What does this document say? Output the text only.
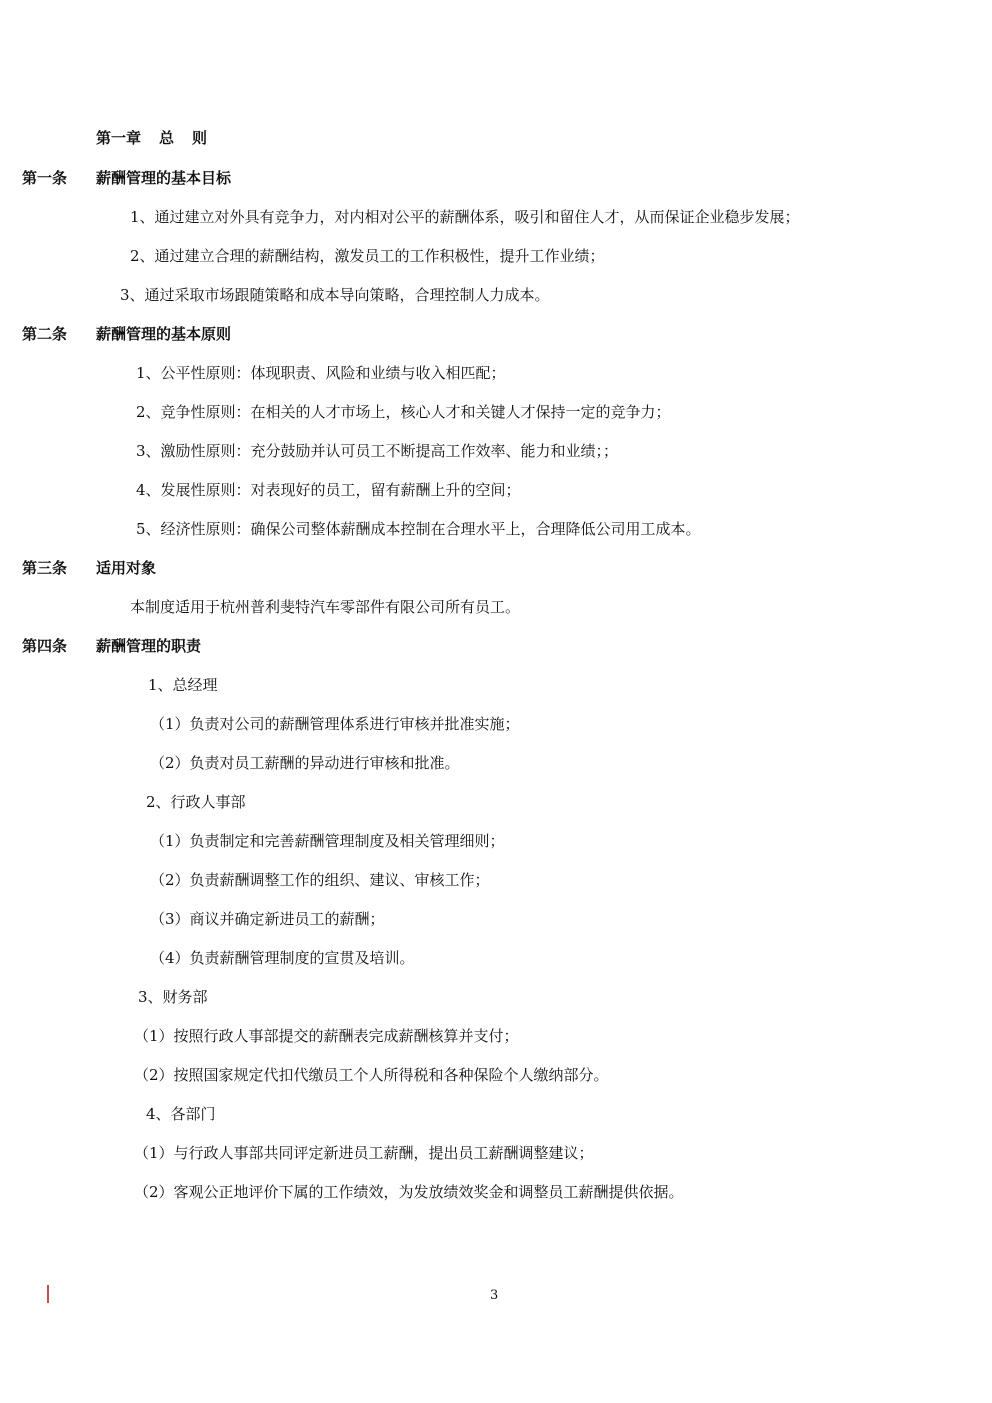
第一章 总 则
第一条 薪酬管理的基本目标
1、通过建立对外具有竞争力，对内相对公平的薪酬体系，吸引和留住人才，从而保证企业稳步发展；
2、通过建立合理的薪酬结构，激发员工的工作积极性，提升工作业绩；
3、通过采取市场跟随策略和成本导向策略，合理控制人力成本。
第二条 薪酬管理的基本原则
1、公平性原则：体现职责、风险和业绩与收入相匹配；
2、竞争性原则：在相关的人才市场上，核心人才和关键人才保持一定的竞争力；
3、激励性原则：充分鼓励并认可员工不断提高工作效率、能力和业绩；；
4、发展性原则：对表现好的员工，留有薪酬上升的空间；
5、经济性原则：确保公司整体薪酬成本控制在合理水平上，合理降低公司用工成本。
第三条 适用对象
本制度适用于杭州普利斐特汽车零部件有限公司所有员工。
第四条 薪酬管理的职责
1、总经理
（1）负责对公司的薪酬管理体系进行审核并批准实施；
（2）负责对员工薪酬的异动进行审核和批准。
2、行政人事部
（1）负责制定和完善薪酬管理制度及相关管理细则；
（2）负责薪酬调整工作的组织、建议、审核工作；
（3）商议并确定新进员工的薪酬；
（4）负责薪酬管理制度的宣贯及培训。
3、财务部
（1）按照行政人事部提交的薪酬表完成薪酬核算并支付；
（2）按照国家规定代扣代缴员工个人所得税和各种保险个人缴纳部分。
4、各部门
（1）与行政人事部共同评定新进员工薪酬，提出员工薪酬调整建议；
（2）客观公正地评价下属的工作绩效，为发放绩效奖金和调整员工薪酬提供依据。
3
